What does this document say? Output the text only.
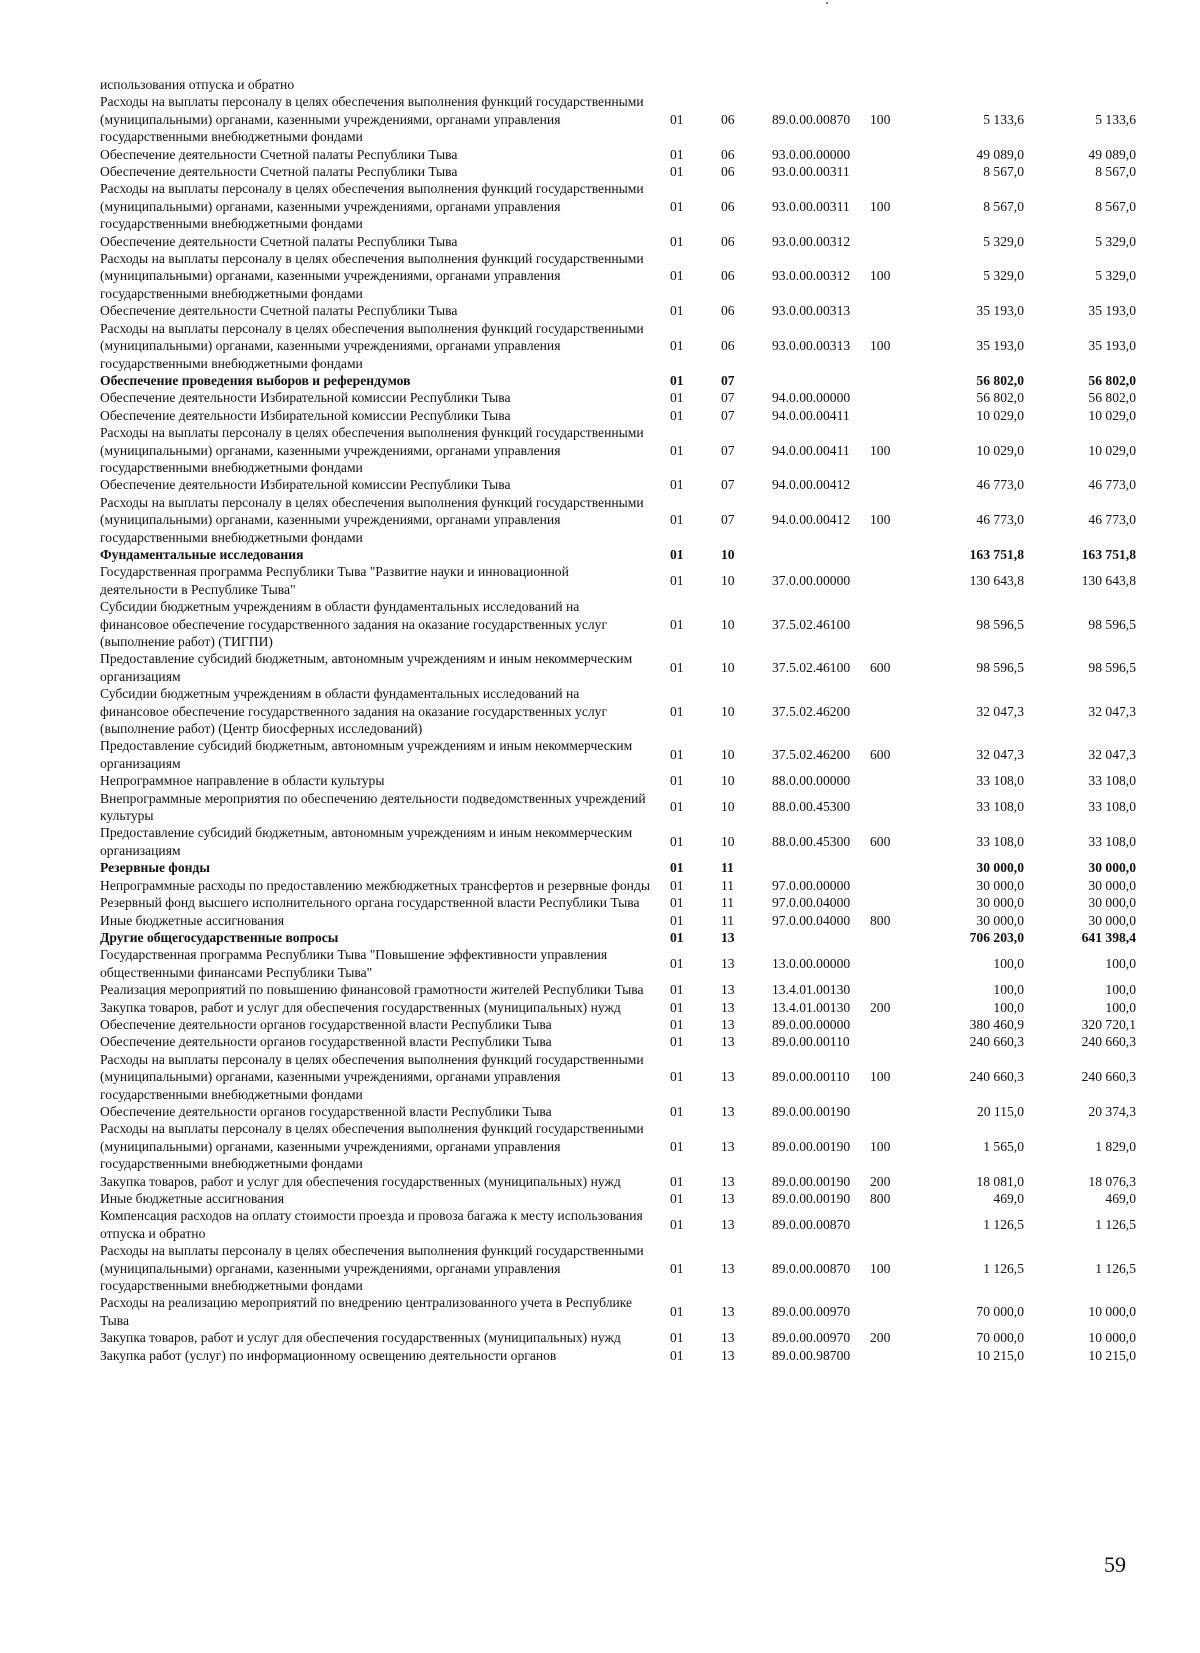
использования отпуска и обратно						
Расходы на выплаты персоналу в целях обеспечения выполнения функций государственными (муниципальными) органами, казенными учреждениями, органами управления государственными внебюджетными фондами	01	06	89.0.00.00870	100	5 133,6	5 133,6
Обеспечение деятельности Счетной палаты Республики Тыва	01	06	93.0.00.00000		49 089,0	49 089,0
Обеспечение деятельности Счетной палаты Республики Тыва	01	06	93.0.00.00311		8 567,0	8 567,0
Расходы на выплаты персоналу в целях обеспечения выполнения функций государственными (муниципальными) органами, казенными учреждениями, органами управления государственными внебюджетными фондами	01	06	93.0.00.00311	100	8 567,0	8 567,0
Обеспечение деятельности Счетной палаты Республики Тыва	01	06	93.0.00.00312		5 329,0	5 329,0
Расходы на выплаты персоналу в целях обеспечения выполнения функций государственными (муниципальными) органами, казенными учреждениями, органами управления государственными внебюджетными фондами	01	06	93.0.00.00312	100	5 329,0	5 329,0
Обеспечение деятельности Счетной палаты Республики Тыва	01	06	93.0.00.00313		35 193,0	35 193,0
Расходы на выплаты персоналу в целях обеспечения выполнения функций государственными (муниципальными) органами, казенными учреждениями, органами управления государственными внебюджетными фондами	01	06	93.0.00.00313	100	35 193,0	35 193,0
Обеспечение проведения выборов и референдумов	01	07			56 802,0	56 802,0
Обеспечение деятельности Избирательной комиссии Республики Тыва	01	07	94.0.00.00000		56 802,0	56 802,0
Обеспечение деятельности Избирательной комиссии Республики Тыва	01	07	94.0.00.00411		10 029,0	10 029,0
Расходы на выплаты персоналу в целях обеспечения выполнения функций государственными (муниципальными) органами, казенными учреждениями, органами управления государственными внебюджетными фондами	01	07	94.0.00.00411	100	10 029,0	10 029,0
Обеспечение деятельности Избирательной комиссии Республики Тыва	01	07	94.0.00.00412		46 773,0	46 773,0
Расходы на выплаты персоналу в целях обеспечения выполнения функций государственными (муниципальными) органами, казенными учреждениями, органами управления государственными внебюджетными фондами	01	07	94.0.00.00412	100	46 773,0	46 773,0
Фундаментальные исследования	01	10			163 751,8	163 751,8
Государственная программа Республики Тыва "Развитие науки и инновационной деятельности в Республике Тыва"	01	10	37.0.00.00000		130 643,8	130 643,8
Субсидии бюджетным учреждениям в области фундаментальных исследований на финансовое обеспечение государственного задания на оказание государственных услуг (выполнение работ) (ТИГПИ)	01	10	37.5.02.46100		98 596,5	98 596,5
Предоставление субсидий бюджетным, автономным учреждениям и иным некоммерческим организациям	01	10	37.5.02.46100	600	98 596,5	98 596,5
Субсидии бюджетным учреждениям в области фундаментальных исследований на финансовое обеспечение государственного задания на оказание государственных услуг (выполнение работ) (Центр биосферных исследований)	01	10	37.5.02.46200		32 047,3	32 047,3
Предоставление субсидий бюджетным, автономным учреждениям и иным некоммерческим организациям	01	10	37.5.02.46200	600	32 047,3	32 047,3
Непрограммное направление в области культуры	01	10	88.0.00.00000		33 108,0	33 108,0
Внепрограммные мероприятия по обеспечению деятельности подведомственных учреждений культуры	01	10	88.0.00.45300		33 108,0	33 108,0
Предоставление субсидий бюджетным, автономным учреждениям и иным некоммерческим организациям	01	10	88.0.00.45300	600	33 108,0	33 108,0
Резервные фонды	01	11			30 000,0	30 000,0
Непрограммные расходы по предоставлению межбюджетных трансфертов и резервные фонды	01	11	97.0.00.00000		30 000,0	30 000,0
Резервный фонд высшего исполнительного органа государственной власти Республики Тыва	01	11	97.0.00.04000		30 000,0	30 000,0
Иные бюджетные ассигнования	01	11	97.0.00.04000	800	30 000,0	30 000,0
Другие общегосударственные вопросы	01	13			706 203,0	641 398,4
Государственная программа Республики Тыва "Повышение эффективности управления общественными финансами Республики Тыва"	01	13	13.0.00.00000		100,0	100,0
Реализация мероприятий по повышению финансовой грамотности жителей Республики Тыва	01	13	13.4.01.00130		100,0	100,0
Закупка товаров, работ и услуг для обеспечения государственных (муниципальных) нужд	01	13	13.4.01.00130	200	100,0	100,0
Обеспечение деятельности органов государственной власти Республики Тыва	01	13	89.0.00.00000		380 460,9	320 720,1
Обеспечение деятельности органов государственной власти Республики Тыва	01	13	89.0.00.00110		240 660,3	240 660,3
Расходы на выплаты персоналу в целях обеспечения выполнения функций государственными (муниципальными) органами, казенными учреждениями, органами управления государственными внебюджетными фондами	01	13	89.0.00.00110	100	240 660,3	240 660,3
Обеспечение деятельности органов государственной власти Республики Тыва	01	13	89.0.00.00190		20 115,0	20 374,3
Расходы на выплаты персоналу в целях обеспечения выполнения функций государственными (муниципальными) органами, казенными учреждениями, органами управления государственными внебюджетными фондами	01	13	89.0.00.00190	100	1 565,0	1 829,0
Закупка товаров, работ и услуг для обеспечения государственных (муниципальных) нужд	01	13	89.0.00.00190	200	18 081,0	18 076,3
Иные бюджетные ассигнования	01	13	89.0.00.00190	800	469,0	469,0
Компенсация расходов на оплату стоимости проезда и провоза багажа к месту использования отпуска и обратно	01	13	89.0.00.00870		1 126,5	1 126,5
Расходы на выплаты персоналу в целях обеспечения выполнения функций государственными (муниципальными) органами, казенными учреждениями, органами управления государственными внебюджетными фондами	01	13	89.0.00.00870	100	1 126,5	1 126,5
Расходы на реализацию мероприятий по внедрению централизованного учета в Республике Тыва	01	13	89.0.00.00970		70 000,0	10 000,0
Закупка товаров, работ и услуг для обеспечения государственных (муниципальных) нужд	01	13	89.0.00.00970	200	70 000,0	10 000,0
Закупка работ (услуг) по информационному освещению деятельности органов	01	13	89.0.00.98700		10 215,0	10 215,0
59
